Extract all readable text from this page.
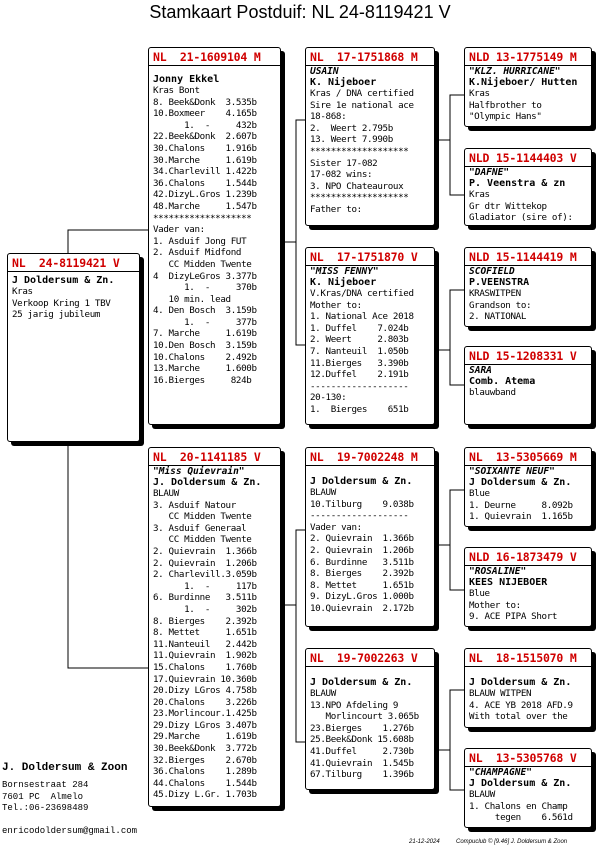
Stamkaart Postduif: NL 24-8119421 V
NL  24-8119421 V
J Doldersum & Zn.
Kras
Verkoop Kring 1 TBV
25 jarig jubileum
NL  21-1609104 M
Jonny Ekkel
Kras Bont
8. Beek&Donk  3.535b
10.Boxmeer    4.165b
1.  -     432b
22.Beek&Donk  2.607b
30.Chalons    1.916b
30.Marche     1.619b
34.Charlevill 1.422b
36.Chalons    1.544b
42.DizyL.Gros 1.239b
48.Marche     1.547b
*******************
Vader van:
1. Asduif Jong FUT
2. Asduif Midfond
CC Midden Twente
4  DizyLeGros 3.377b
1.  -     370b
10 min. lead
4. Den Bosch  3.159b
1.  -     377b
7. Marche     1.619b
10.Den Bosch  3.159b
10.Chalons    2.492b
13.Marche     1.600b
16.Bierges     824b
NL  20-1141185 V
"Miss Quievrain"
J. Doldersum & Zn.
BLAUW
3. Asduif Natour
CC Midden Twente
3. Asduif Generaal
CC Midden Twente
2. Quievrain  1.366b
2. Quievrain  1.206b
2. Charlevill.3.059b
1.  -     117b
6. Burdinne   3.511b
1.  -     302b
8. Bierges    2.392b
8. Mettet     1.651b
11.Nanteuil   2.442b
11.Quievrain  1.902b
15.Chalons    1.760b
17.Quievrain 10.360b
20.Dizy LGros 4.758b
20.Chalons    3.226b
23.Morlincour.1.425b
29.Dizy LGros 3.407b
29.Marche     1.619b
30.Beek&Donk  3.772b
32.Bierges    2.670b
36.Chalons    1.289b
44.Chalons    1.544b
45.Dizy L.Gr. 1.703b
NL  17-1751868 M
USAIN
K. Nijeboer
Kras / DNA certified
Sire 1e national ace
18-868:
2.  Weert 2.795b
13. Weert 7.990b
*******************
Sister 17-082
17-082 wins:
3. NPO Chateauroux
*******************
Father to:
NL  17-1751870 V
"MISS FENNY"
K. Nijeboer
V.Kras/DNA certified
Mother to:
1. National Ace 2018
1. Duffel    7.024b
2. Weert     2.803b
7. Nanteuil  1.050b
11.Bierges   3.390b
12.Duffel    2.191b
-------------------
20-130:
1.  Bierges    651b
NL  19-7002248 M
J Doldersum & Zn.
BLAUW
10.Tilburg    9.038b
-------------------
Vader van:
2. Quievrain  1.366b
2. Quievrain  1.206b
6. Burdinne   3.511b
8. Bierges    2.392b
8. Mettet     1.651b
9. DizyL.Gros 1.000b
10.Quievrain  2.172b
NL  19-7002263 V
J Doldersum & Zn.
BLAUW
13.NPO Afdeling 9
Morlincourt 3.065b
23.Bierges    1.276b
25.Beek&Donk 15.608b
41.Duffel     2.730b
41.Quievrain  1.545b
67.Tilburg    1.396b
NLD 13-1775149 M
"KLZ. HURRICANE"
K.Nijeboer/ Hutten
Kras
Halfbrother to
"Olympic Hans"
NLD 15-1144403 V
"DAFNE"
P. Veenstra & zn
Kras
Gr dtr Wittekop
Gladiator (sire of):
NLD 15-1144419 M
SCOFIELD
P.VEENSTRA
KRASWITPEN
Grandson to:
2. NATIONAL
NLD 15-1208331 V
SARA
Comb. Atema
blauwband
NL  13-5305669 M
"SOIXANTE NEUF"
J Doldersum & Zn.
Blue
1. Deurne     8.092b
1. Quievrain  1.165b
NLD 16-1873479 V
"ROSALINE"
KEES NIJEBOER
Blue
Mother to:
9. ACE PIPA Short
NL  18-1515070 M
J Doldersum & Zn.
BLAUW WITPEN
4. ACE YB 2018 AFD.9
With total over the
NL  13-5305768 V
"CHAMPAGNE"
J Doldersum & Zn.
BLAUW
1. Chalons en Champ
tegen    6.561d
J. Doldersum & Zoon
Bornsestraat 284
7601 PC  Almelo
Tel.:06-23698489
enricodoldersum@gmail.com
21-12-2024	Compuclub © [9.46] J. Doldersum & Zoon
